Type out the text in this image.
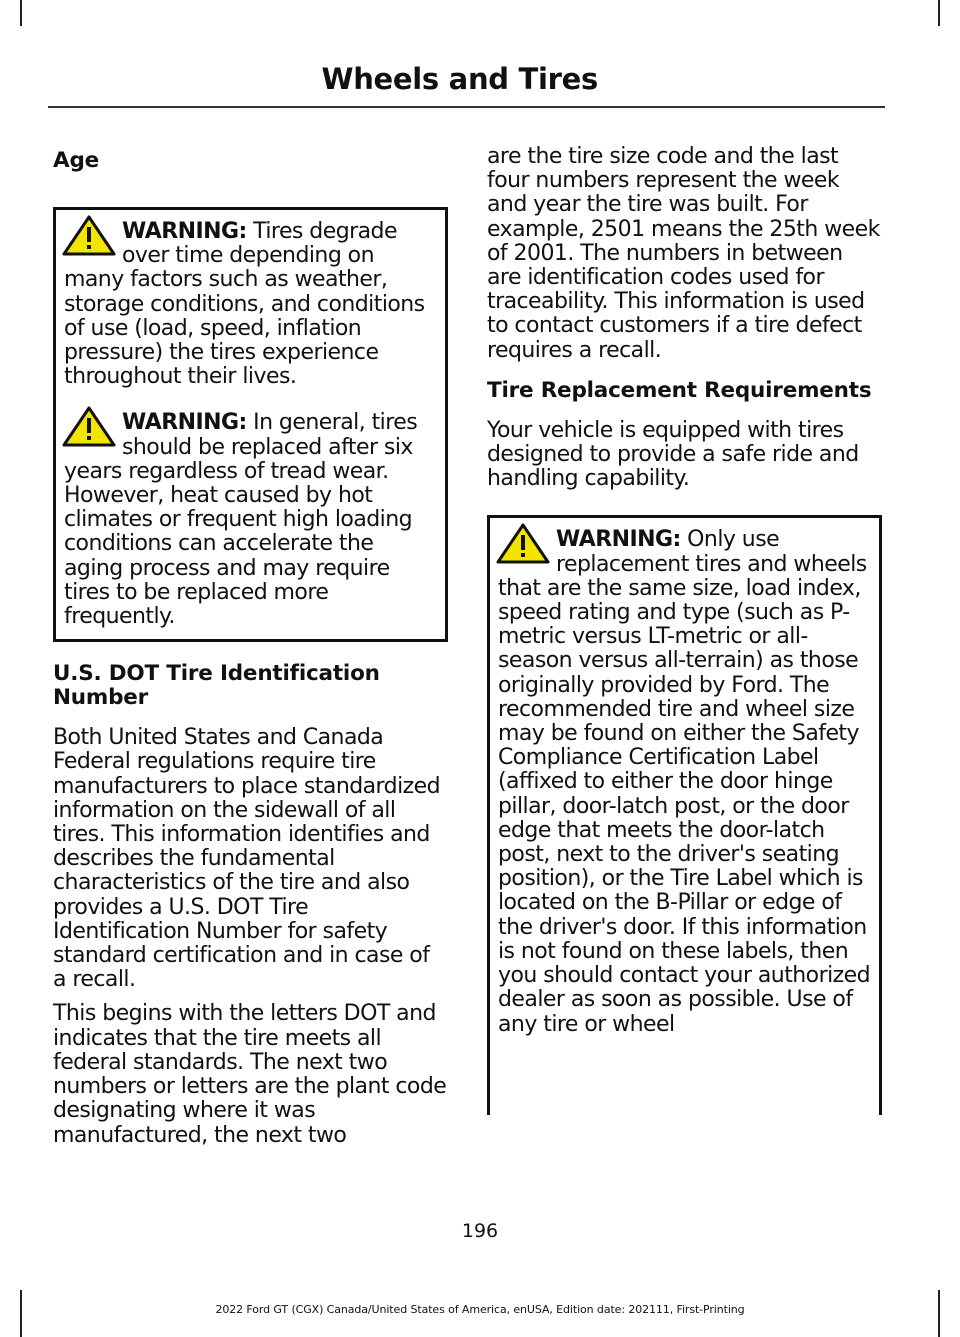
Wheels and Tires
Age
WARNING: Tires degrade over time depending on many factors such as weather, storage conditions, and conditions of use (load, speed, inflation pressure) the tires experience throughout their lives.
WARNING: In general, tires should be replaced after six years regardless of tread wear. However, heat caused by hot climates or frequent high loading conditions can accelerate the aging process and may require tires to be replaced more frequently.
U.S. DOT Tire Identification Number

Both United States and Canada Federal regulations require tire manufacturers to place standardized information on the sidewall of all tires. This information identifies and describes the fundamental characteristics of the tire and also provides a U.S. DOT Tire Identification Number for safety standard certification and in case of a recall.

This begins with the letters DOT and indicates that the tire meets all federal standards. The next two numbers or letters are the plant code designating where it was manufactured, the next two

are the tire size code and the last four numbers represent the week and year the tire was built. For example, 2501 means the 25th week of 2001. The numbers in between are identification codes used for traceability. This information is used to contact customers if a tire defect requires a recall.

Tire Replacement Requirements

Your vehicle is equipped with tires designed to provide a safe ride and handling capability.

WARNING: Only use replacement tires and wheels that are the same size, load index, speed rating and type (such as P-metric versus LT-metric or all-season versus all-terrain) as those originally provided by Ford. The recommended tire and wheel size may be found on either the Safety Compliance Certification Label (affixed to either the door hinge pillar, door-latch post, or the door edge that meets the door-latch post, next to the driver's seating position), or the Tire Label which is located on the B-Pillar or edge of the driver's door. If this information is not found on these labels, then you should contact your authorized dealer as soon as possible. Use of any tire or wheel
196
2022 Ford GT (CGX) Canada/United States of America, enUSA, Edition date: 202111, First-Printing
